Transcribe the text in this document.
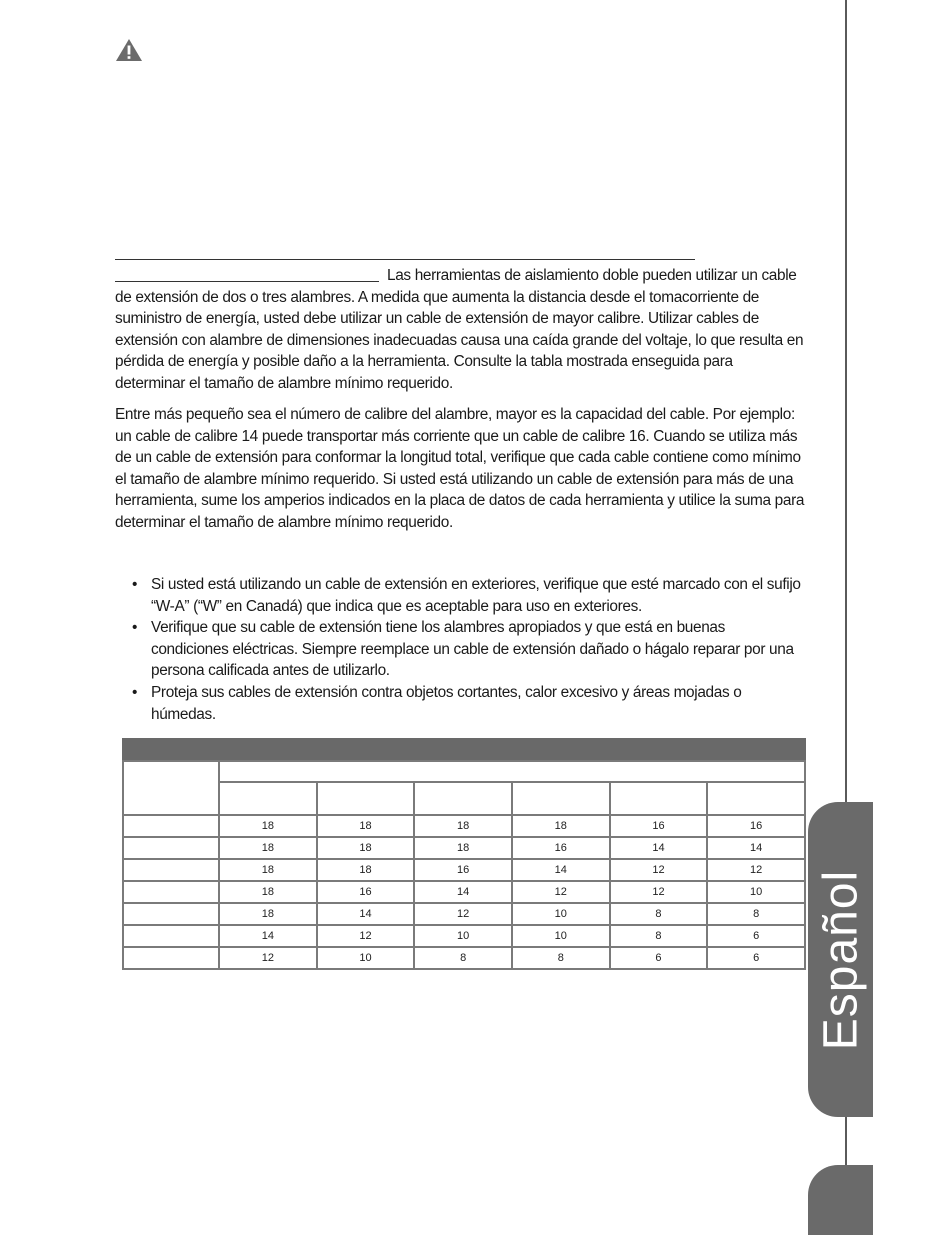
Las herramientas de aislamiento doble pueden utilizar un cable de extensión de dos o tres alambres. A medida que aumenta la distancia desde el tomacorriente de suministro de energía, usted debe utilizar un cable de extensión de mayor calibre. Utilizar cables de extensión con alambre de dimensiones inadecuadas causa una caída grande del voltaje, lo que resulta en pérdida de energía y posible daño a la herramienta. Consulte la tabla mostrada enseguida para determinar el tamaño de alambre mínimo requerido.

Entre más pequeño sea el número de calibre del alambre, mayor es la capacidad del cable. Por ejemplo: un cable de calibre 14 puede transportar más corriente que un cable de calibre 16. Cuando se utiliza más de un cable de extensión para conformar la longitud total, verifique que cada cable contiene como mínimo el tamaño de alambre mínimo requerido. Si usted está utilizando un cable de extensión para más de una herramienta, sume los amperios indicados en la placa de datos de cada herramienta y utilice la suma para determinar el tamaño de alambre mínimo requerido.

• Si usted está utilizando un cable de extensión en exteriores, verifique que esté marcado con el sufijo “W-A” (“W” en Canadá) que indica que es aceptable para uso en exteriores.
• Verifique que su cable de extensión tiene los alambres apropiados y que está en buenas condiciones eléctricas. Siempre reemplace un cable de extensión dañado o hágalo reparar por una persona calificada antes de utilizarlo.
• Proteja sus cables de extensión contra objetos cortantes, calor excesivo y áreas mojadas o húmedas.

	18	18	18	18	16	16
	18	18	18	16	14	14
	18	18	16	14	12	12
	18	16	14	12	12	10
	18	14	12	10	8	8
	14	12	10	10	8	6
	12	10	8	8	6	6 Español
